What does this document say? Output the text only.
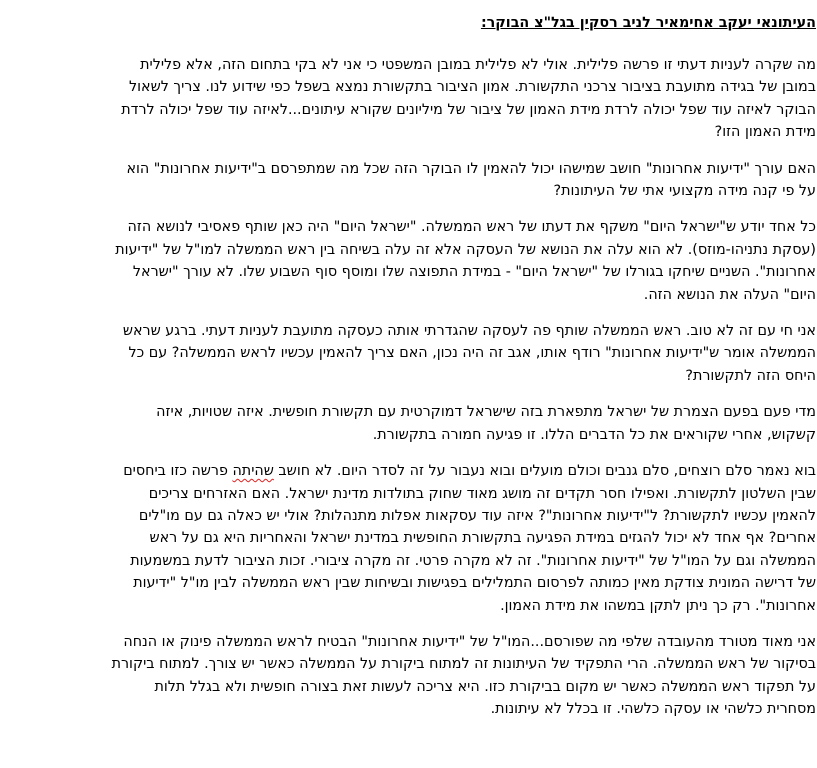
העיתונאי יעקב אחימאיר לניב רסקין בגל"צ הבוקר:

מה שקרה לעניות דעתי זו פרשה פלילית. אולי לא פלילית במובן המשפטי כי אני לא בקי בתחום הזה, אלא פלילית במובן של בגידה מתועבת בציבור צרכני התקשורת. אמון הציבור בתקשורת נמצא בשפל כפי שידוע לנו. צריך לשאול הבוקר לאיזה עוד שפל יכולה לרדת מידת האמון של ציבור של מיליונים שקורא עיתונים...לאיזה עוד שפל יכולה לרדת מידת האמון הזו?

האם עורך "ידיעות אחרונות" חושב שמישהו יכול להאמין לו הבוקר הזה שכל מה שמתפרסם ב"ידיעות אחרונות" הוא על פי קנה מידה מקצועי אתי של העיתונות?

כל אחד יודע ש"ישראל היום" משקף את דעתו של ראש הממשלה. "ישראל היום" היה כאן שותף פאסיבי לנושא הזה (עסקת נתניהו-מוזס). לא הוא עלה את הנושא של העסקה אלא זה עלה בשיחה בין ראש הממשלה למו"ל של "ידיעות אחרונות". השניים שיחקו בגורלו של "ישראל היום" - במידת התפוצה שלו ומוסף סוף השבוע שלו. לא עורך "ישראל היום" העלה את הנושא הזה.

אני חי עם זה לא טוב. ראש הממשלה שותף פה לעסקה שהגדרתי אותה כעסקה מתועבת לעניות דעתי. ברגע שראש הממשלה אומר ש"ידיעות אחרונות" רודף אותו, אגב זה היה נכון, האם צריך להאמין עכשיו לראש הממשלה? עם כל היחס הזה לתקשורת?

מדי פעם בפעם הצמרת של ישראל מתפארת בזה שישראל דמוקרטית עם תקשורת חופשית. איזה שטויות, איזה קשקוש, אחרי שקוראים את כל הדברים הללו. זו פגיעה חמורה בתקשורת.

בוא נאמר סלם רוצחים, סלם גנבים וכולם מועלים ובוא נעבור על זה לסדר היום. לא חושב שהיתה פרשה כזו ביחסים שבין השלטון לתקשורת. ואפילו חסר תקדים זה מושג מאוד שחוק בתולדות מדינת ישראל. האם האזרחים צריכים להאמין עכשיו לתקשורת? ל"ידיעות אחרונות"? איזה עוד עסקאות אפלות מתנהלות? אולי יש כאלה גם עם מו"לים אחרים? אף אחד לא יכול להגזים במידת הפגיעה בתקשורת החופשית במדינת ישראל והאחריות היא גם על ראש הממשלה וגם על המו"ל של "ידיעות אחרונות". זה לא מקרה פרטי. זה מקרה ציבורי. זכות הציבור לדעת במשמעות של דרישה המונית צודקת מאין כמותה לפרסום התמלילים בפגישות ובשיחות שבין ראש הממשלה לבין מו"ל "ידיעות אחרונות". רק כך ניתן לתקן במשהו את מידת האמון.

אני מאוד מטורד מהעובדה שלפי מה שפורסם...המו"ל של "ידיעות אחרונות" הבטיח לראש הממשלה פינוק או הנחה בסיקור של ראש הממשלה. הרי התפקיד של העיתונות זה למתוח ביקורת על הממשלה כאשר יש צורך. למתוח ביקורת על תפקוד ראש הממשלה כאשר יש מקום בביקורת כזו. היא צריכה לעשות זאת בצורה חופשית ולא בגלל תלות מסחרית כלשהי או עסקה כלשהי. זו בכלל לא עיתונות.
